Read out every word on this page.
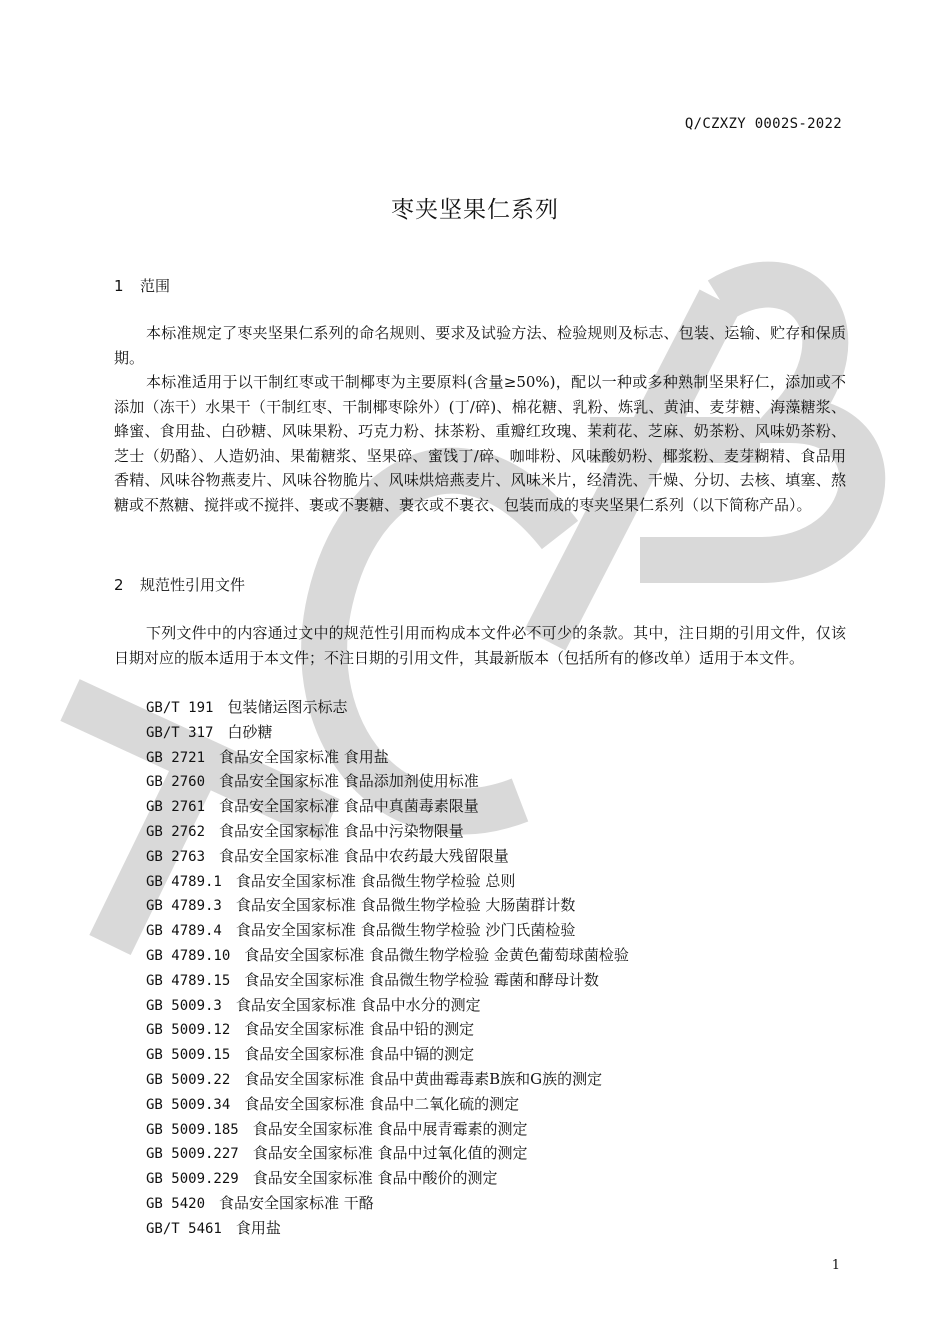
Q/CZXZY 0002S-2022
枣夹坚果仁系列
1 范围

本标准规定了枣夹坚果仁系列的命名规则、要求及试验方法、检验规则及标志、包装、运输、贮存和保质期。

本标准适用于以干制红枣或干制椰枣为主要原料(含量≥50%)，配以一种或多种熟制坚果籽仁，添加或不添加（冻干）水果干（干制红枣、干制椰枣除外）(丁/碎)、棉花糖、乳粉、炼乳、黄油、麦芽糖、海藻糖浆、蜂蜜、食用盐、白砂糖、风味果粉、巧克力粉、抹茶粉、重瓣红玫瑰、茉莉花、芝麻、奶茶粉、风味奶茶粉、芝士（奶酪）、人造奶油、果葡糖浆、坚果碎、蜜饯丁/碎、咖啡粉、风味酸奶粉、椰浆粉、麦芽糊精、食品用香精、风味谷物燕麦片、风味谷物脆片、风味烘焙燕麦片、风味米片，经清洗、干燥、分切、去核、填塞、熬糖或不熬糖、搅拌或不搅拌、裹或不裹糖、裹衣或不裹衣、包装而成的枣夹坚果仁系列（以下简称产品）。

2 规范性引用文件

下列文件中的内容通过文中的规范性引用而构成本文件必不可少的条款。其中，注日期的引用文件，仅该日期对应的版本适用于本文件；不注日期的引用文件，其最新版本（包括所有的修改单）适用于本文件。

GB/T 191 包装储运图示标志
GB/T 317 白砂糖
GB 2721 食品安全国家标准 食用盐
GB 2760 食品安全国家标准 食品添加剂使用标准
GB 2761 食品安全国家标准 食品中真菌毒素限量
GB 2762 食品安全国家标准 食品中污染物限量
GB 2763 食品安全国家标准 食品中农药最大残留限量
GB 4789.1 食品安全国家标准 食品微生物学检验 总则
GB 4789.3 食品安全国家标准 食品微生物学检验 大肠菌群计数
GB 4789.4 食品安全国家标准 食品微生物学检验 沙门氏菌检验
GB 4789.10 食品安全国家标准 食品微生物学检验 金黄色葡萄球菌检验
GB 4789.15 食品安全国家标准 食品微生物学检验 霉菌和酵母计数
GB 5009.3 食品安全国家标准 食品中水分的测定
GB 5009.12 食品安全国家标准 食品中铅的测定
GB 5009.15 食品安全国家标准 食品中镉的测定
GB 5009.22 食品安全国家标准 食品中黄曲霉毒素B族和G族的测定
GB 5009.34 食品安全国家标准 食品中二氧化硫的测定
GB 5009.185 食品安全国家标准 食品中展青霉素的测定
GB 5009.227 食品安全国家标准 食品中过氧化值的测定
GB 5009.229 食品安全国家标准 食品中酸价的测定
GB 5420 食品安全国家标准 干酪
GB/T 5461 食用盐
1
